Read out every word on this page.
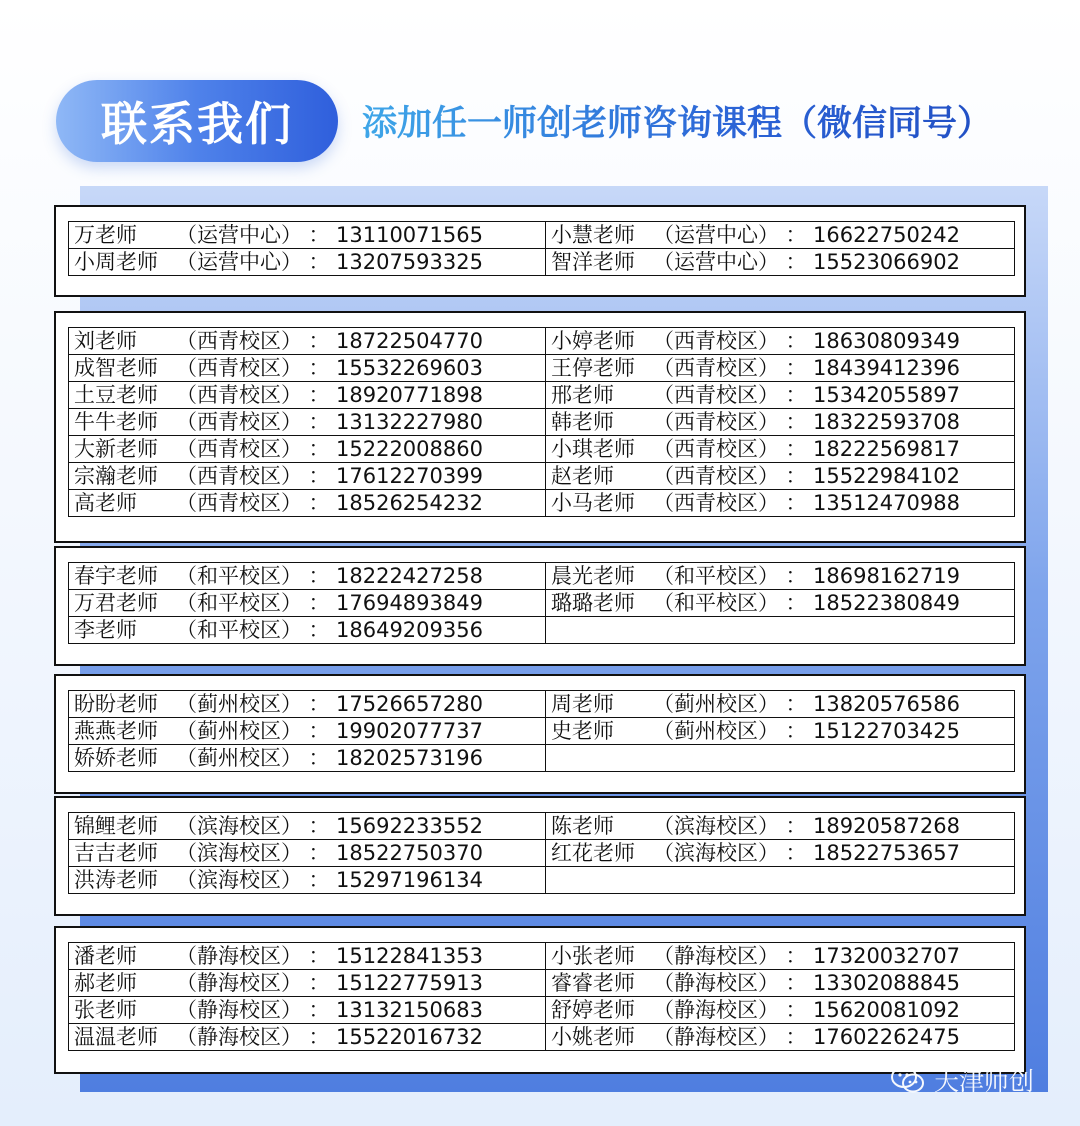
联系我们	添加任一师创老师咨询课程（微信同号）
万老师 （运营中心） ： 13110071565	小慧老师 （运营中心） ： 16622750242
小周老师 （运营中心） ： 13207593325	智洋老师 （运营中心） ： 15523066902
刘老师 （西青校区） ： 18722504770	小婷老师 （西青校区） ： 18630809349
成智老师 （西青校区） ： 15532269603	王停老师 （西青校区） ： 18439412396
土豆老师 （西青校区） ： 18920771898	邢老师 （西青校区） ： 15342055897
牛牛老师 （西青校区） ： 13132227980	韩老师 （西青校区） ： 18322593708
大新老师 （西青校区） ： 15222008860	小琪老师 （西青校区） ： 18222569817
宗瀚老师 （西青校区） ： 17612270399	赵老师 （西青校区） ： 15522984102
高老师 （西青校区） ： 18526254232	小马老师 （西青校区） ： 13512470988
春宇老师 （和平校区） ： 18222427258	晨光老师 （和平校区） ： 18698162719
万君老师 （和平校区） ： 17694893849	璐璐老师 （和平校区） ： 18522380849
李老师 （和平校区） ： 18649209356	
盼盼老师 （蓟州校区） ： 17526657280	周老师 （蓟州校区） ： 13820576586
燕燕老师 （蓟州校区） ： 19902077737	史老师 （蓟州校区） ： 15122703425
娇娇老师 （蓟州校区） ： 18202573196	
锦鲤老师 （滨海校区） ： 15692233552	陈老师 （滨海校区） ： 18920587268
吉吉老师 （滨海校区） ： 18522750370	红花老师 （滨海校区） ： 18522753657
洪涛老师 （滨海校区） ： 15297196134	
潘老师 （静海校区） ： 15122841353	小张老师 （静海校区） ： 17320032707
郝老师 （静海校区） ： 15122775913	睿睿老师 （静海校区） ： 13302088845
张老师 （静海校区） ： 13132150683	舒婷老师 （静海校区） ： 15620081092
温温老师 （静海校区） ： 15522016732	小姚老师 （静海校区） ： 17602262475
天津师创
